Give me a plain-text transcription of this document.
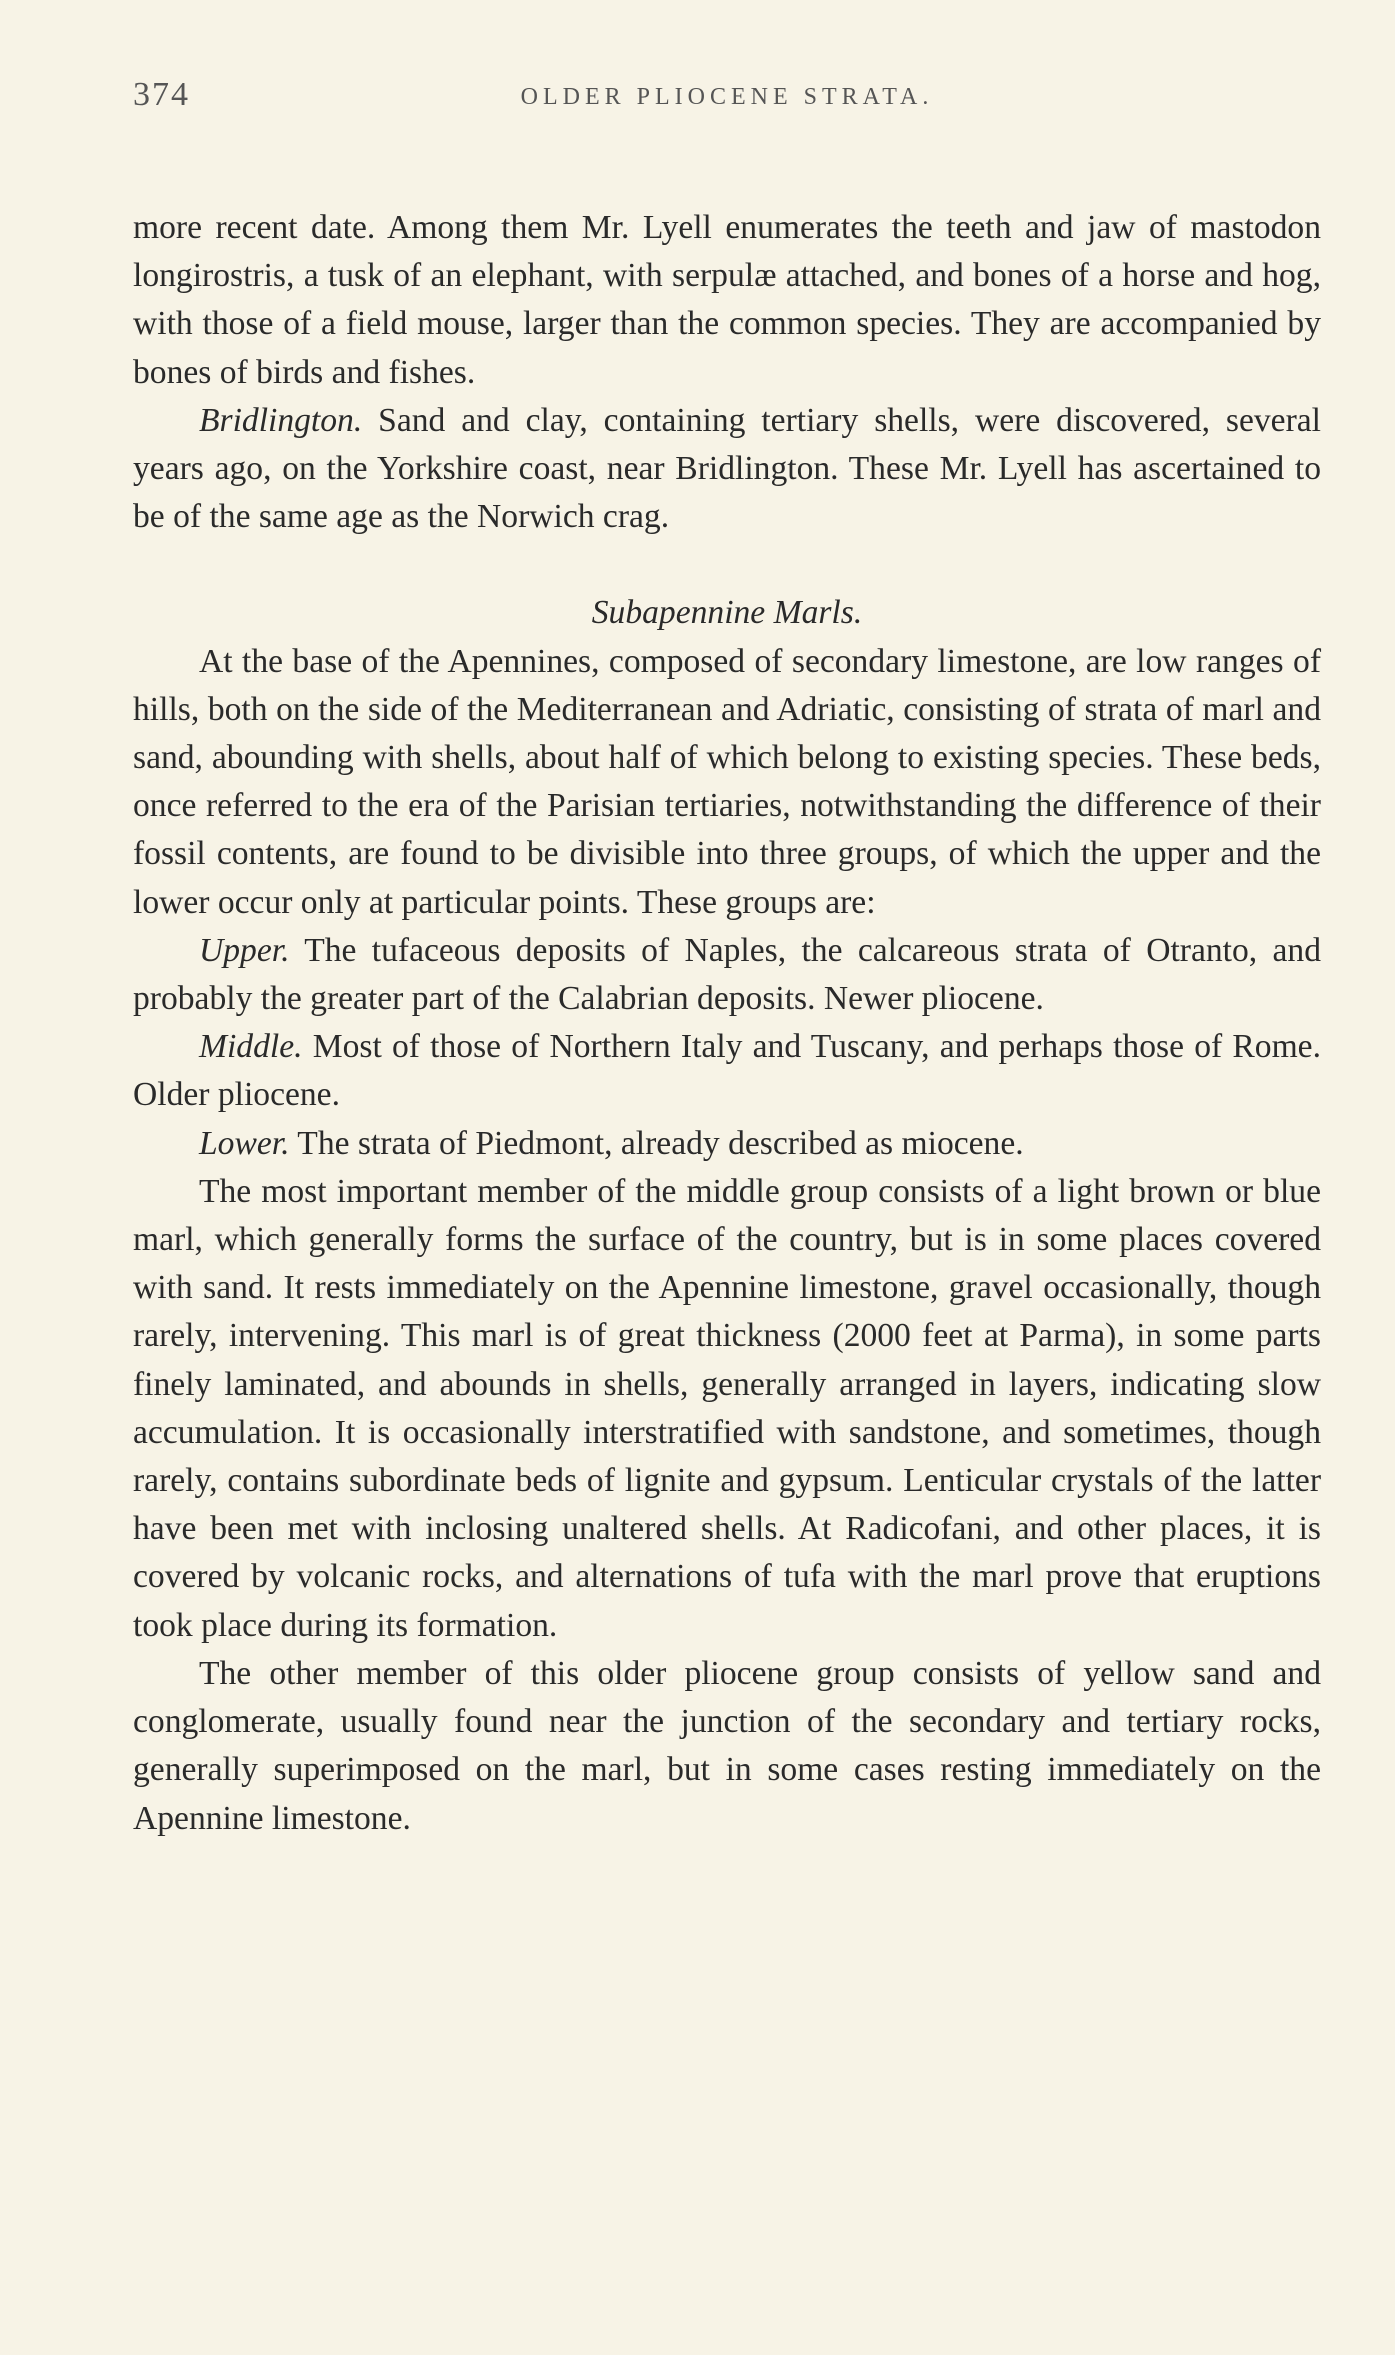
374	OLDER PLIOCENE STRATA.

more recent date. Among them Mr. Lyell enumerates the teeth and jaw of mastodon longirostris, a tusk of an elephant, with serpulæ attached, and bones of a horse and hog, with those of a field mouse, larger than the common species. They are accompanied by bones of birds and fishes.

Bridlington. Sand and clay, containing tertiary shells, were discovered, several years ago, on the Yorkshire coast, near Bridlington. These Mr. Lyell has ascertained to be of the same age as the Norwich crag.

Subapennine Marls.

At the base of the Apennines, composed of secondary limestone, are low ranges of hills, both on the side of the Mediterranean and Adriatic, consisting of strata of marl and sand, abounding with shells, about half of which belong to existing species. These beds, once referred to the era of the Parisian tertiaries, notwithstanding the difference of their fossil contents, are found to be divisible into three groups, of which the upper and the lower occur only at particular points. These groups are:

Upper. The tufaceous deposits of Naples, the calcareous strata of Otranto, and probably the greater part of the Calabrian deposits. Newer pliocene.

Middle. Most of those of Northern Italy and Tuscany, and perhaps those of Rome. Older pliocene.

Lower. The strata of Piedmont, already described as miocene.

The most important member of the middle group consists of a light brown or blue marl, which generally forms the surface of the country, but is in some places covered with sand. It rests immediately on the Apennine limestone, gravel occasionally, though rarely, intervening. This marl is of great thickness (2000 feet at Parma), in some parts finely laminated, and abounds in shells, generally arranged in layers, indicating slow accumulation. It is occasionally interstratified with sandstone, and sometimes, though rarely, contains subordinate beds of lignite and gypsum. Lenticular crystals of the latter have been met with inclosing unaltered shells. At Radicofani, and other places, it is covered by volcanic rocks, and alternations of tufa with the marl prove that eruptions took place during its formation.

The other member of this older pliocene group consists of yellow sand and conglomerate, usually found near the junction of the secondary and tertiary rocks, generally superimposed on the marl, but in some cases resting immediately on the Apennine limestone.
